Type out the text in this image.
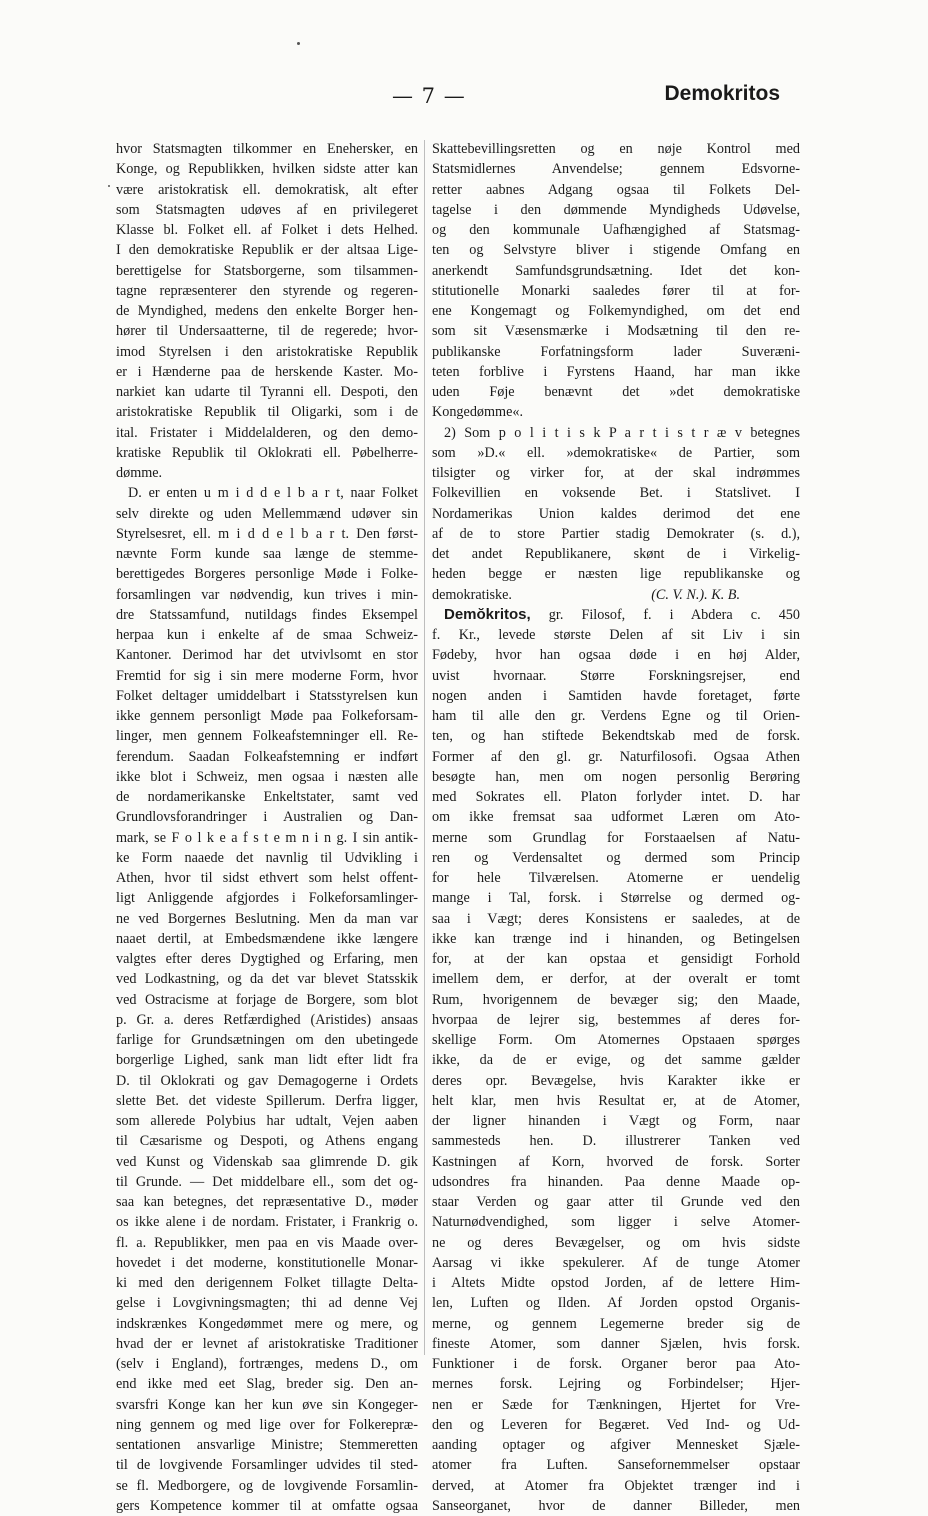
— 7 —	Demokritos
hvor Statsmagten tilkommer en Enehersker, en
Konge, og Republikken, hvilken sidste atter kan
være aristokratisk ell. demokratisk, alt efter
som Statsmagten udøves af en privilegeret
Klasse bl. Folket ell. af Folket i dets Helhed.
I den demokratiske Republik er der altsaa Lige-
berettigelse for Statsborgerne, som tilsammen-
tagne repræsenterer den styrende og regeren-
de Myndighed, medens den enkelte Borger hen-
hører til Undersaatterne, til de regerede; hvor-
imod Styrelsen i den aristokratiske Republik
er i Hænderne paa de herskende Kaster. Mo-
narkiet kan udarte til Tyranni ell. Despoti, den
aristokratiske Republik til Oligarki, som i de
ital. Fristater i Middelalderen, og den demo-
kratiske Republik til Oklokrati ell. Pøbelherre-
dømme.
D. er enten u m i d d e l b a r t, naar Folket
selv direkte og uden Mellemmænd udøver sin
Styrelsesret, ell. m i d d e l b a r t. Den først-
nævnte Form kunde saa længe de stemme-
berettigedes Borgeres personlige Møde i Folke-
forsamlingen var nødvendig, kun trives i min-
dre Statssamfund, nutildags findes Eksempel
herpaa kun i enkelte af de smaa Schweiz-
Kantoner. Derimod har det utvivlsomt en stor
Fremtid for sig i sin mere moderne Form, hvor
Folket deltager umiddelbart i Statsstyrelsen kun
ikke gennem personligt Møde paa Folkeforsam-
linger, men gennem Folkeafstemninger ell. Re-
ferendum. Saadan Folkeafstemning er indført
ikke blot i Schweiz, men ogsaa i næsten alle
de nordamerikanske Enkeltstater, samt ved
Grundlovsforandringer i Australien og Dan-
mark, se F o l k e a f s t e m n i n g. I sin antik-
ke Form naaede det navnlig til Udvikling i
Athen, hvor til sidst ethvert som helst offent-
ligt Anliggende afgjordes i Folkeforsamlinger-
ne ved Borgernes Beslutning. Men da man var
naaet dertil, at Embedsmændene ikke længere
valgtes efter deres Dygtighed og Erfaring, men
ved Lodkastning, og da det var blevet Statsskik
ved Ostracisme at forjage de Borgere, som blot
p. Gr. a. deres Retfærdighed (Aristides) ansaas
farlige for Grundsætningen om den ubetingede
borgerlige Lighed, sank man lidt efter lidt fra
D. til Oklokrati og gav Demagogerne i Ordets
slette Bet. det videste Spillerum. Derfra ligger,
som allerede Polybius har udtalt, Vejen aaben
til Cæsarisme og Despoti, og Athens engang
ved Kunst og Videnskab saa glimrende D. gik
til Grunde. — Det middelbare ell., som det og-
saa kan betegnes, det repræsentative D., møder
os ikke alene i de nordam. Fristater, i Frankrig o.
fl. a. Republikker, men paa en vis Maade over-
hovedet i det moderne, konstitutionelle Monar-
ki med den derigennem Folket tillagte Delta-
gelse i Lovgivningsmagten; thi ad denne Vej
indskrænkes Kongedømmet mere og mere, og
hvad der er levnet af aristokratiske Traditioner
(selv i England), fortrænges, medens D., om
end ikke med eet Slag, breder sig. Den an-
svarsfri Konge kan her kun øve sin Kongeger-
ning gennem og med lige over for Folkerepræ-
sentationen ansvarlige Ministre; Stemmeretten
til de lovgivende Forsamlinger udvides til sted-
se fl. Medborgere, og de lovgivende Forsamlin-
gers Kompetence kommer til at omfatte ogsaa
Skattebevillingsretten og en nøje Kontrol med
Statsmidlernes Anvendelse; gennem Edsvorne-
retter aabnes Adgang ogsaa til Folkets Del-
tagelse i den dømmende Myndigheds Udøvelse,
og den kommunale Uafhængighed af Statsmag-
ten og Selvstyre bliver i stigende Omfang en
anerkendt Samfundsgrundsætning. Idet det kon-
stitutionelle Monarki saaledes fører til at for-
ene Kongemagt og Folkemyndighed, om det end
som sit Væsensmærke i Modsætning til den re-
publikanske Forfatningsform lader Suveræni-
teten forblive i Fyrstens Haand, har man ikke
uden Føje benævnt det »det demokratiske
Kongedømme«.
2) Som p o l i t i s k P a r t i s t r æ v betegnes
som »D.« ell. »demokratiske« de Partier, som
tilsigter og virker for, at der skal indrømmes
Folkevillien en voksende Bet. i Statslivet. I
Nordamerikas Union kaldes derimod det ene
af de to store Partier stadig Demokrater (s. d.),
det andet Republikanere, skønt de i Virkelig-
heden begge er næsten lige republikanske og
demokratiske.	(C. V. N.). K. B.
Demŏkritos, gr. Filosof, f. i Abdera c. 450
f. Kr., levede største Delen af sit Liv i sin
Fødeby, hvor han ogsaa døde i en høj Alder,
uvist hvornaar. Større Forskningsrejser, end
nogen anden i Samtiden havde foretaget, førte
ham til alle den gr. Verdens Egne og til Orien-
ten, og han stiftede Bekendtskab med de forsk.
Former af den gl. gr. Naturfilosofi. Ogsaa Athen
besøgte han, men om nogen personlig Berøring
med Sokrates ell. Platon forlyder intet. D. har
om ikke fremsat saa udformet Læren om Ato-
merne som Grundlag for Forstaaelsen af Natu-
ren og Verdensaltet og dermed som Princip
for hele Tilværelsen. Atomerne er uendelig
mange i Tal, forsk. i Størrelse og dermed og-
saa i Vægt; deres Konsistens er saaledes, at de
ikke kan trænge ind i hinanden, og Betingelsen
for, at der kan opstaa et gensidigt Forhold
imellem dem, er derfor, at der overalt er tomt
Rum, hvorigennem de bevæger sig; den Maade,
hvorpaa de lejrer sig, bestemmes af deres for-
skellige Form. Om Atomernes Opstaaen spørges
ikke, da de er evige, og det samme gælder
deres opr. Bevægelse, hvis Karakter ikke er
helt klar, men hvis Resultat er, at de Atomer,
der ligner hinanden i Vægt og Form, naar
sammesteds hen. D. illustrerer Tanken ved
Kastningen af Korn, hvorved de forsk. Sorter
udsondres fra hinanden. Paa denne Maade op-
staar Verden og gaar atter til Grunde ved den
Naturnødvendighed, som ligger i selve Atomer-
ne og deres Bevægelser, og om hvis sidste
Aarsag vi ikke spekulerer. Af de tunge Atomer
i Altets Midte opstod Jorden, af de lettere Him-
len, Luften og Ilden. Af Jorden opstod Organis-
merne, og gennem Legemerne breder sig de
fineste Atomer, som danner Sjælen, hvis forsk.
Funktioner i de forsk. Organer beror paa Ato-
mernes forsk. Lejring og Forbindelser; Hjer-
nen er Sæde for Tænkningen, Hjertet for Vre-
den og Leveren for Begæret. Ved Ind- og Ud-
aanding optager og afgiver Mennesket Sjæle-
atomer fra Luften. Sansefornemmelser opstaar
derved, at Atomer fra Objektet trænger ind i
Sanseorganet, hvor de danner Billeder, men
